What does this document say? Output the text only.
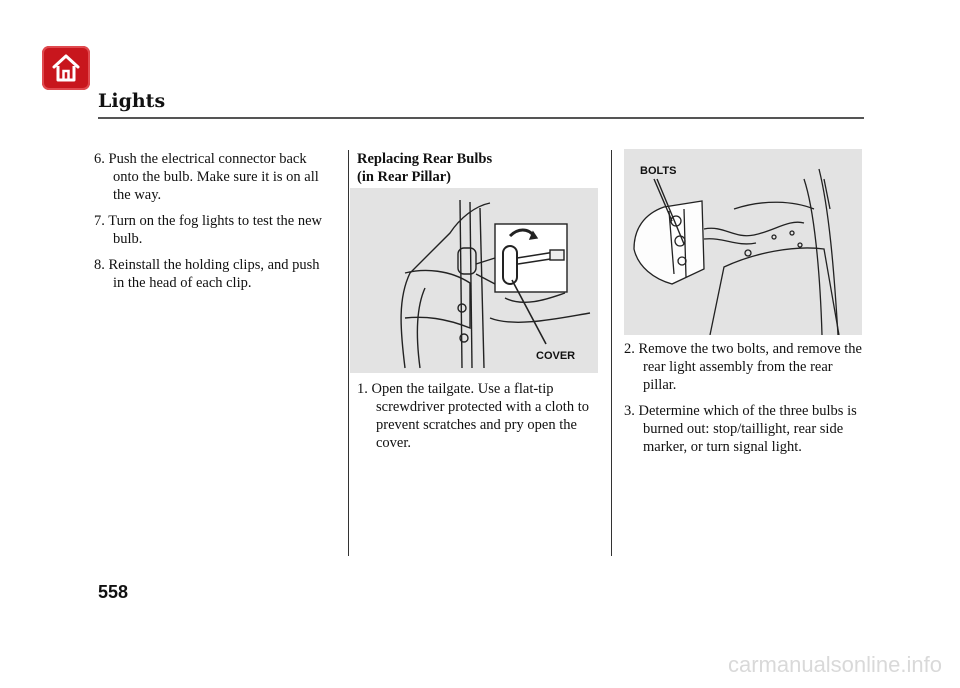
Lights

6. Push the electrical connector back onto the bulb. Make sure it is on all the way.

7. Turn on the fog lights to test the new bulb.

8. Reinstall the holding clips, and push in the head of each clip.

Replacing Rear Bulbs
(in Rear Pillar)
COVER

1. Open the tailgate. Use a flat-tip screwdriver protected with a cloth to prevent scratches and pry open the cover.

BOLTS

2. Remove the two bolts, and remove the rear light assembly from the rear pillar.

3. Determine which of the three bulbs is burned out: stop/taillight, rear side marker, or turn signal light.

558
carmanualsonline.info
